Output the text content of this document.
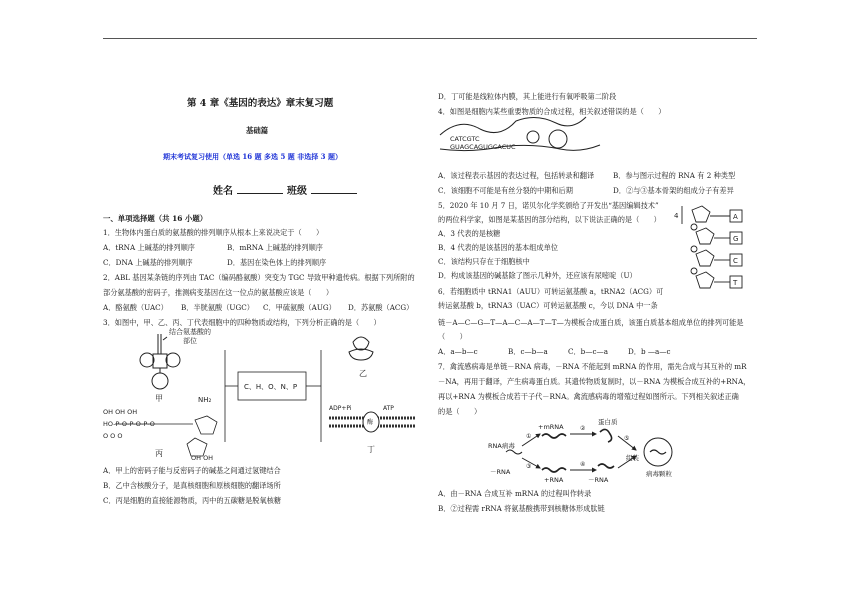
第 4 章《基因的表达》章末复习题
基础篇
期末考试复习使用（单选 16 题 多选 5 题 非选择 3 题）
姓名	班级
一、单项选择题（共 16 小题）
1．生物体内蛋白质的氨基酸的排列顺序从根本上来说决定于（　　）
A．tRNA 上碱基的排列顺序	B．mRNA 上碱基的排列顺序
C．DNA 上碱基的排列顺序	D．基因在染色体上的排列顺序
2．ABL 基因某条链的序列由 TAC（编码酪氨酸）突变为 TGC 导致甲种遗传病。根据下列所附的
部分氨基酸的密码子，推测病变基因在这一位点的氨基酸应该是（　　）
A．酪氨酸（UAC） B．半胱氨酸（UGC） C．甲硫氨酸（AUG） D．苏氨酸（ACG）
3．如图中，甲、乙、丙、丁代表细胞中的四种物质或结构，下列分析正确的是（　　）
结合氨基酸的
部位
甲
OH OH OH
HO-P-O-P-O-P-O
O O O
NH₂
OH OH
丙
C、H、O、N、P
乙
ADP+Pi	ATP
酶
丁
A．甲上的密码子能与反密码子的碱基之间通过氢键结合
B．乙中含核酸分子，是真核细胞和原核细胞的翻译场所
C．丙是细胞的直接能源物质，丙中的五碳糖是脱氧核糖
D．丁可能是线粒体内膜，其上能进行有氧呼吸第二阶段
4．如图是细胞内某些重要物质的合成过程，相关叙述错误的是（　　）
CATCGTC
GUAGCAGUGCACUC
A．该过程表示基因的表达过程，包括转录和翻译	B．参与图示过程的 RNA 有 2 种类型
C．该细胞不可能是有丝分裂的中期和后期	D．②与③基本骨架的组成分子有差异
5．2020 年 10 月 7 日，诺贝尔化学奖颁给了开发出“基因编辑技术”
的两位科学家，如图是某基因的部分结构，以下说法正确的是（　　） 4	A
G
C
T
A．3 代表的是核糖
B．4 代表的是该基因的基本组成单位
C．该结构只存在于细胞核中
D．构成该基因的碱基除了图示几种外，还应该有尿嘧啶（U）
6．若细胞质中 tRNA1（AUU）可转运氨基酸 a，tRNA2（ACG）可
转运氨基酸 b，tRNA3（UAC）可转运氨基酸 c，今以 DNA 中一条
链－A—C—G—T—A—C—A—T—T—为模板合成蛋白质，该蛋白质基本组成单位的排列可能是
（　　）
A．a—b—c	B．c—b—a	C．b—c—a	D．b —a—c
7．禽流感病毒是单链－RNA 病毒，－RNA 不能起到 mRNA 的作用，需先合成与其互补的 mR
－NA，再用于翻译，产生病毒蛋白质。其遗传物质复制时，以－RNA 为模板合成互补的+RNA，
再以+RNA 为模板合成若干子代－RNA。禽流感病毒的增殖过程如图所示。下列相关叙述正确
的是（　　）
RNA病毒
－RNA
+mRNA
+RNA
①
③
②
④
蛋白质
－RNA
组装
⑤
病毒颗粒
A．由－RNA 合成互补 mRNA 的过程叫作转录
B．②过程需 rRNA 将氨基酸携带到核糖体形成肽链
